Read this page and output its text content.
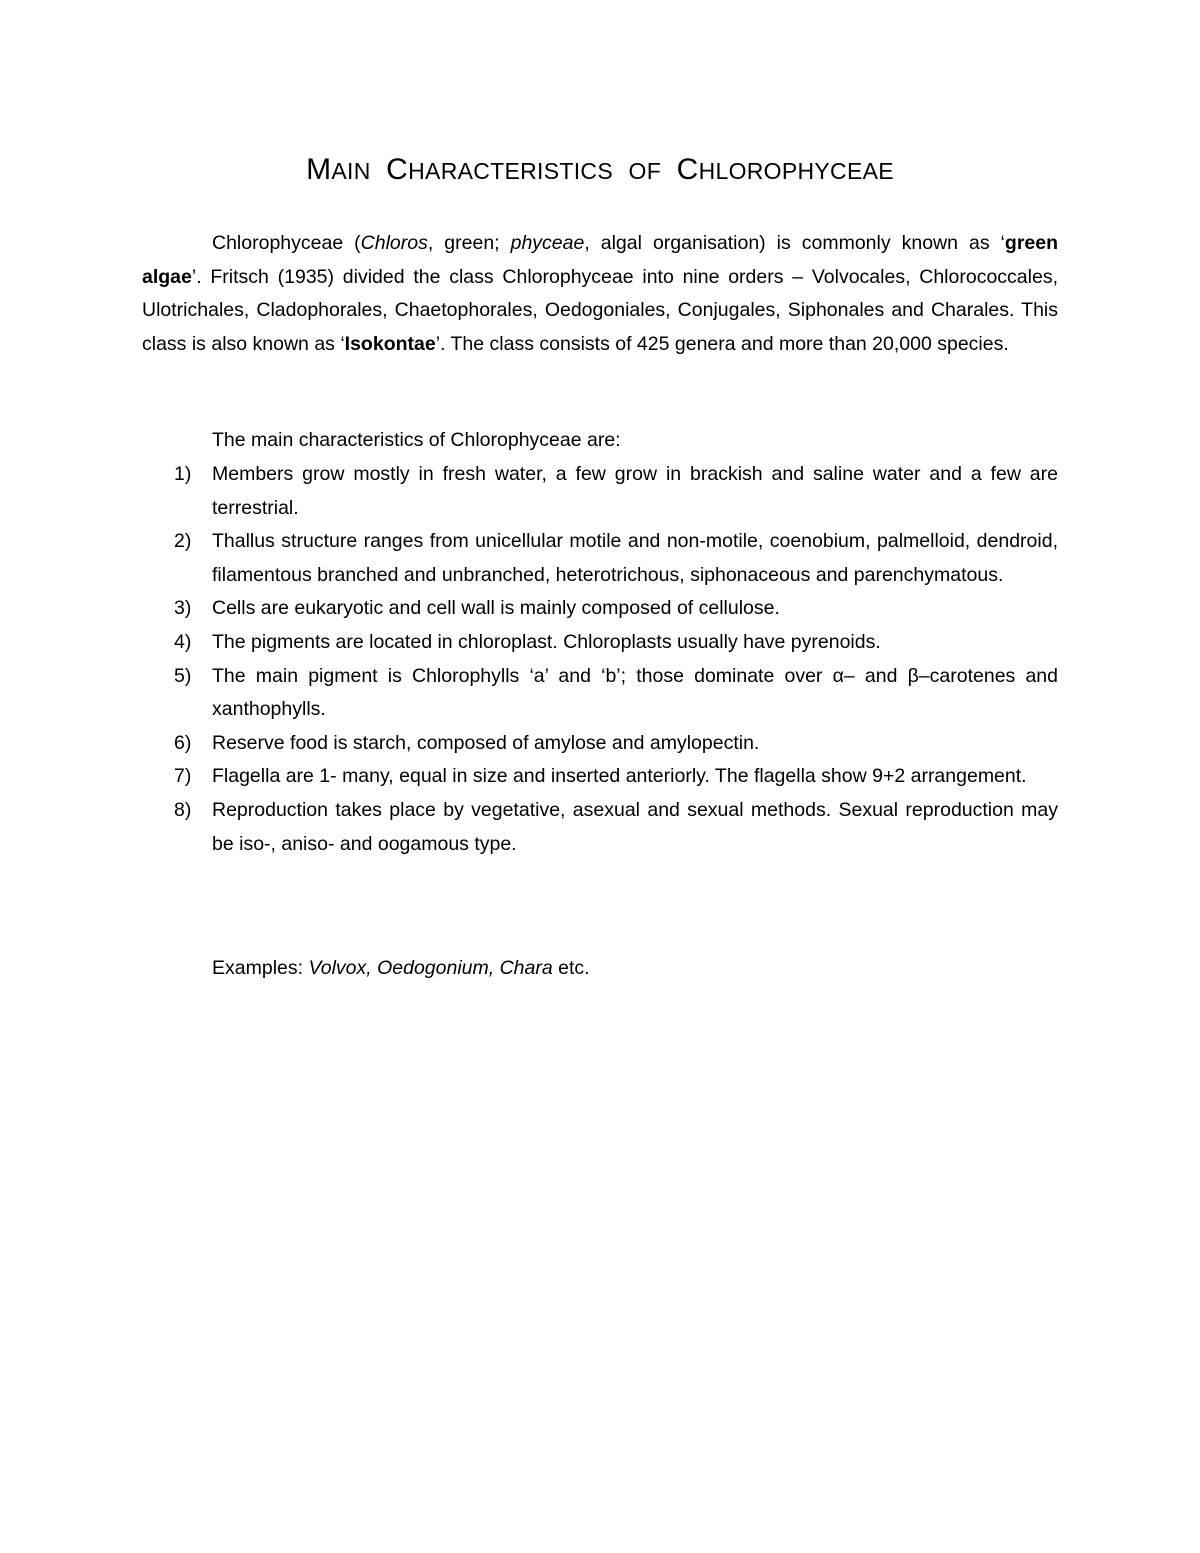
MAIN CHARACTERISTICS OF CHLOROPHYCEAE

Chlorophyceae (Chloros, green; phyceae, algal organisation) is commonly known as ‘green algae’. Fritsch (1935) divided the class Chlorophyceae into nine orders – Volvocales, Chlorococcales, Ulotrichales, Cladophorales, Chaetophorales, Oedogoniales, Conjugales, Siphonales and Charales. This class is also known as ‘Isokontae’. The class consists of 425 genera and more than 20,000 species.

The main characteristics of Chlorophyceae are:

1) Members grow mostly in fresh water, a few grow in brackish and saline water and a few are terrestrial.
2) Thallus structure ranges from unicellular motile and non-motile, coenobium, palmelloid, dendroid, filamentous branched and unbranched, heterotrichous, siphonaceous and parenchymatous.
3) Cells are eukaryotic and cell wall is mainly composed of cellulose.
4) The pigments are located in chloroplast. Chloroplasts usually have pyrenoids.
5) The main pigment is Chlorophylls ‘a’ and ‘b’; those dominate over α– and β–carotenes and xanthophylls.
6) Reserve food is starch, composed of amylose and amylopectin.
7) Flagella are 1- many, equal in size and inserted anteriorly. The flagella show 9+2 arrangement.
8) Reproduction takes place by vegetative, asexual and sexual methods. Sexual reproduction may be iso-, aniso- and oogamous type.

Examples: Volvox, Oedogonium, Chara etc.
